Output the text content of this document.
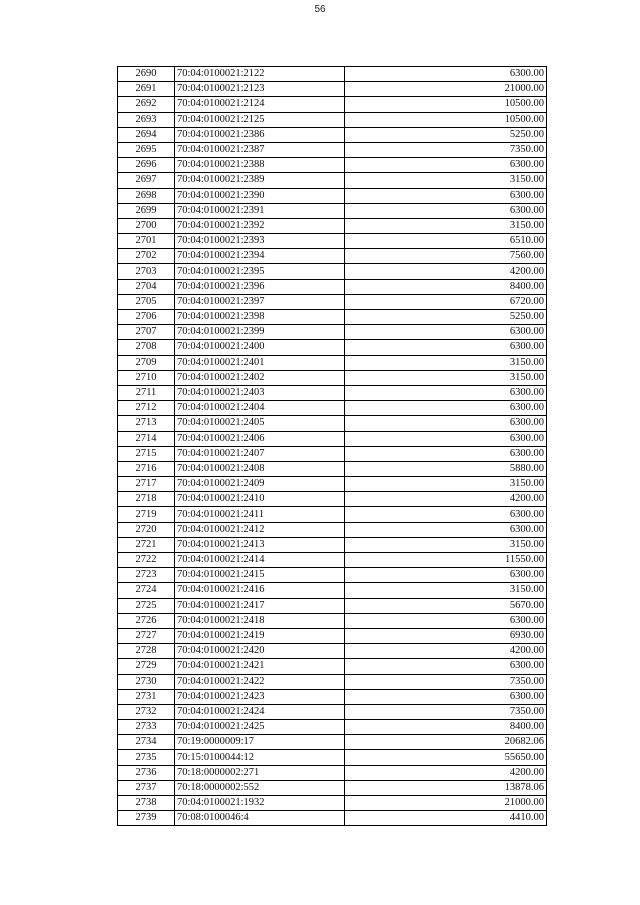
56
2690	70:04:0100021:2122	6300.00
2691	70:04:0100021:2123	21000.00
2692	70:04:0100021:2124	10500.00
2693	70:04:0100021:2125	10500.00
2694	70:04:0100021:2386	5250.00
2695	70:04:0100021:2387	7350.00
2696	70:04:0100021:2388	6300.00
2697	70:04:0100021:2389	3150.00
2698	70:04:0100021:2390	6300.00
2699	70:04:0100021:2391	6300.00
2700	70:04:0100021:2392	3150.00
2701	70:04:0100021:2393	6510.00
2702	70:04:0100021:2394	7560.00
2703	70:04:0100021:2395	4200.00
2704	70:04:0100021:2396	8400.00
2705	70:04:0100021:2397	6720.00
2706	70:04:0100021:2398	5250.00
2707	70:04:0100021:2399	6300.00
2708	70:04:0100021:2400	6300.00
2709	70:04:0100021:2401	3150.00
2710	70:04:0100021:2402	3150.00
2711	70:04:0100021:2403	6300.00
2712	70:04:0100021:2404	6300.00
2713	70:04:0100021:2405	6300.00
2714	70:04:0100021:2406	6300.00
2715	70:04:0100021:2407	6300.00
2716	70:04:0100021:2408	5880.00
2717	70:04:0100021:2409	3150.00
2718	70:04:0100021:2410	4200.00
2719	70:04:0100021:2411	6300.00
2720	70:04:0100021:2412	6300.00
2721	70:04:0100021:2413	3150.00
2722	70:04:0100021:2414	11550.00
2723	70:04:0100021:2415	6300.00
2724	70:04:0100021:2416	3150.00
2725	70:04:0100021:2417	5670.00
2726	70:04:0100021:2418	6300.00
2727	70:04:0100021:2419	6930.00
2728	70:04:0100021:2420	4200.00
2729	70:04:0100021:2421	6300.00
2730	70:04:0100021:2422	7350.00
2731	70:04:0100021:2423	6300.00
2732	70:04:0100021:2424	7350.00
2733	70:04:0100021:2425	8400.00
2734	70:19:0000009:17	20682.06
2735	70:15:0100044:12	55650.00
2736	70:18:0000002:271	4200.00
2737	70:18:0000002:552	13878.06
2738	70:04:0100021:1932	21000.00
2739	70:08:0100046:4	4410.00
